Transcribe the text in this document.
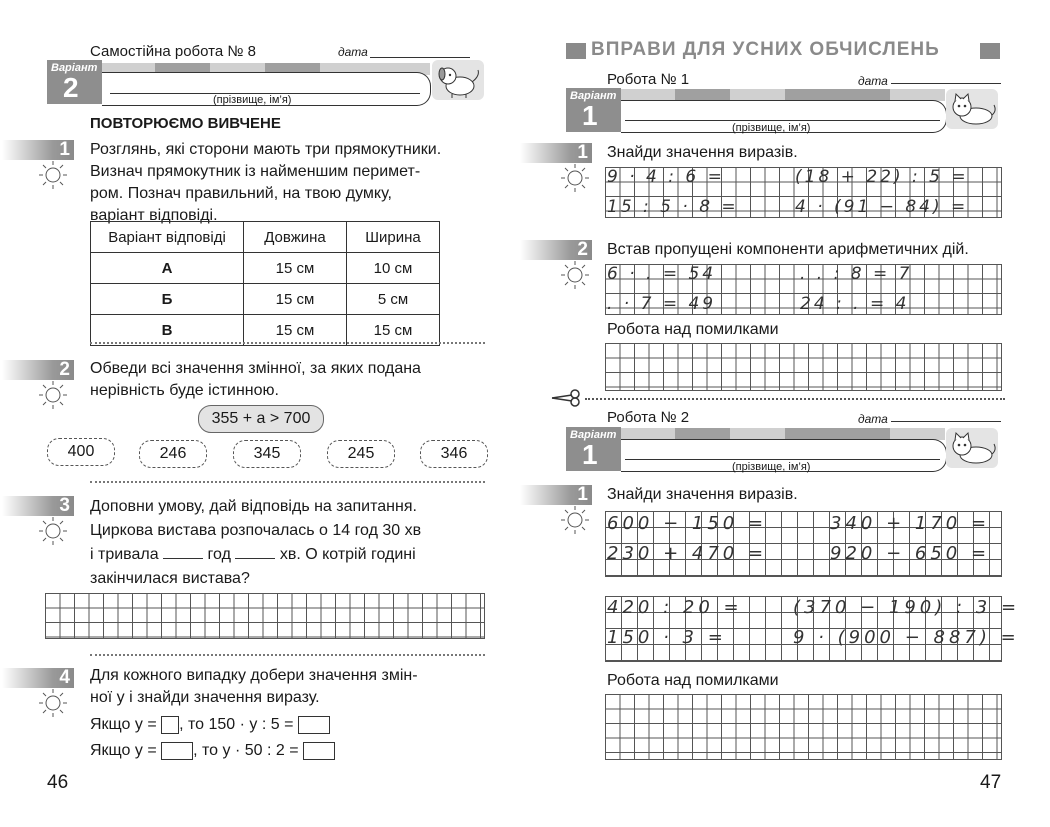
Самостійна робота № 8	дата
Варіант
2	(прізвище, ім’я)
ПОВТОРЮЄМО ВИВЧЕНЕ
1 Розглянь, які сторони мають три прямокутники.
Визнач прямокутник із найменшим перимет-
ром. Познач правильний, на твою думку,
варіант відповіді.
Варіант відповіді	Довжина	Ширина
А	15 см	10 см
Б	15 см	5 см
В	15 см	15 см
2 Обведи всі значення змінної, за яких подана
нерівність буде істинною.
355 + a > 700
400	246	345	245	346
3 Доповни умову, дай відповідь на запитання.
Циркова вистава розпочалась о 14 год 30 хв
і тривала	год	хв. О котрій годині
закінчилася вистава?
4 Для кожного випадку добери значення змін-
ної y і знайди значення виразу.
Якщо y = , то 150 · y : 5 =
Якщо y = , то y · 50 : 2 =
46
ВПРАВИ ДЛЯ УСНИХ ОБЧИСЛЕНЬ
Робота № 1	дата
Варіант
1	(прізвище, ім’я)
1 Знайди значення виразів.
9 · 4 : 6 =	(18 + 22) : 5 =
15 : 5 · 8 =	4 · (91 − 84) =
2 Встав пропущені компоненти арифметичних дій.
6 · . = 54	. . : 8 = 7
. · 7 = 49	24 : . = 4
Робота над помилками
Робота № 2	дата
Варіант
1	(прізвище, ім’я)
1 Знайди значення виразів.
600 − 150 =	340 + 170 =
230 + 470 =	920 − 650 =
420 : 20 =	(370 − 190) : 3 =
150 · 3 =	9 · (900 − 887) =
Робота над помилками
47
